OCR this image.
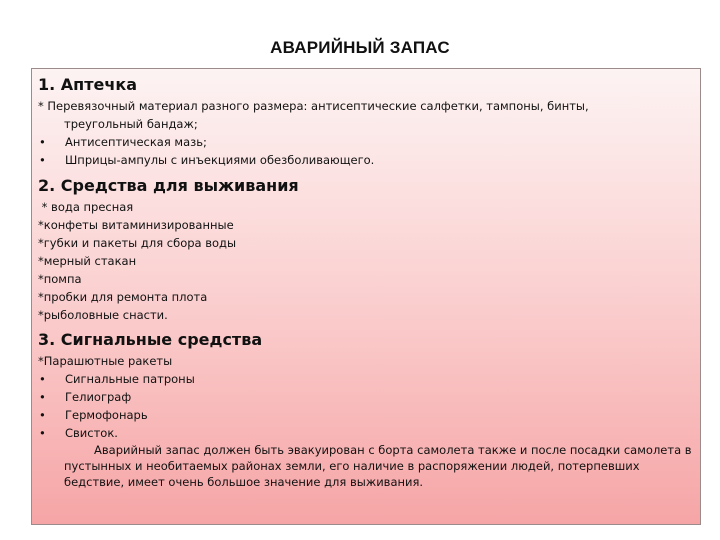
АВАРИЙНЫЙ ЗАПАС
1. Аптечка
* Перевязочный материал разного размера: антисептические салфетки, тампоны, бинты,
треугольный бандаж;
•	Антисептическая мазь;
•	Шприцы-ампулы с инъекциями обезболивающего.
2. Средства для выживания
* вода пресная
*конфеты витаминизированные
*губки и пакеты для сбора воды
*мерный стакан
*помпа
*пробки для ремонта плота
*рыболовные снасти.
3. Сигнальные средства
*Парашютные ракеты
•	Сигнальные патроны
•	Гелиограф
•	Гермофонарь
•	Свисток.
Аварийный запас должен быть эвакуирован с борта самолета также и после посадки самолета в пустынных и необитаемых районах земли, его наличие в распоряжении людей, потерпевших бедствие, имеет очень большое значение для выживания.
